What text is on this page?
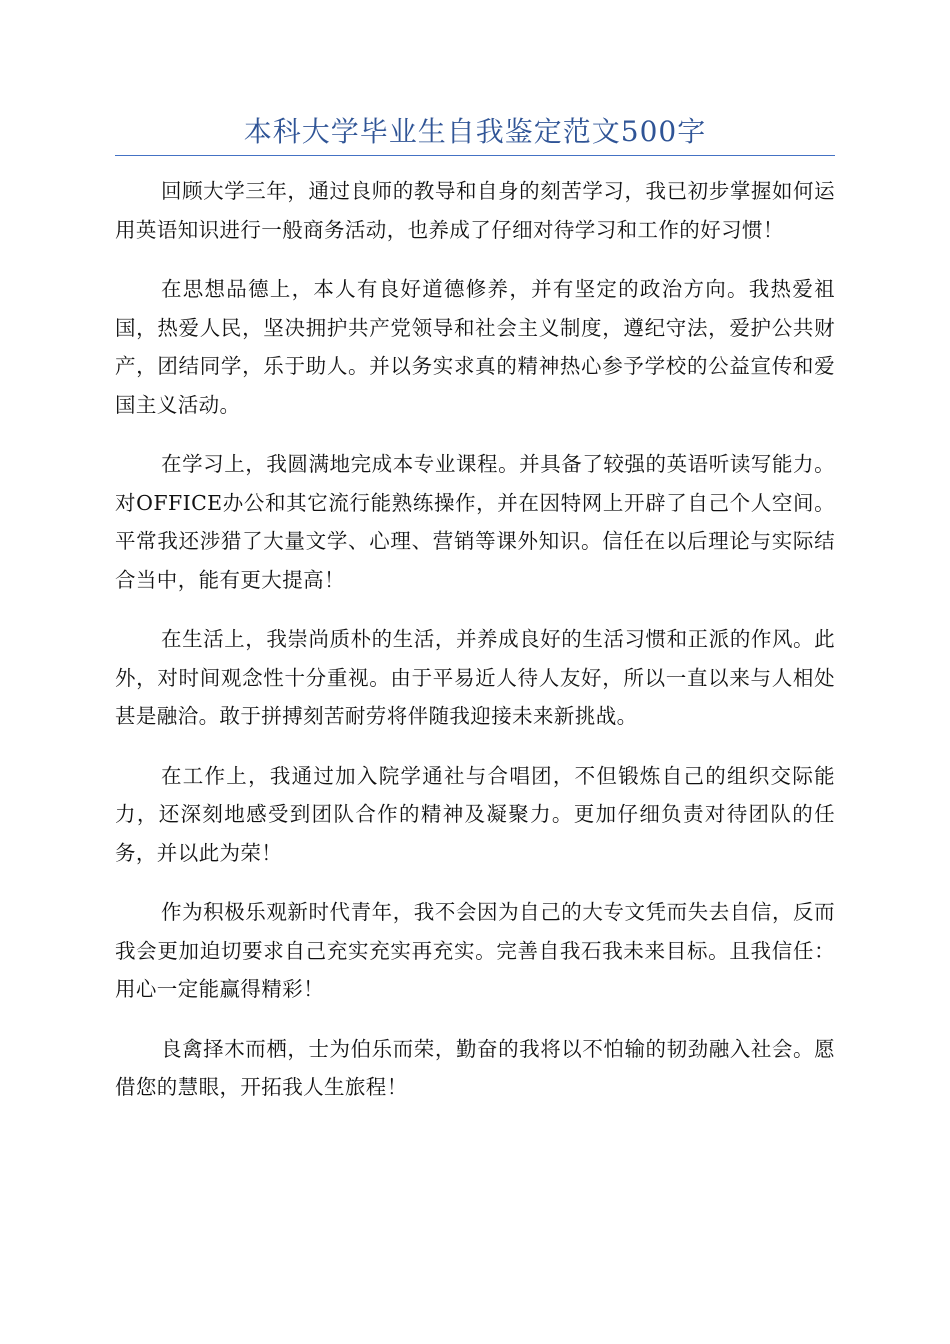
本科大学毕业生自我鉴定范文500字

回顾大学三年，通过良师的教导和自身的刻苦学习，我已初步掌握如何运用英语知识进行一般商务活动，也养成了仔细对待学习和工作的好习惯！

在思想品德上，本人有良好道德修养，并有坚定的政治方向。我热爱祖国，热爱人民，坚决拥护共产党领导和社会主义制度，遵纪守法，爱护公共财产，团结同学，乐于助人。并以务实求真的精神热心参予学校的公益宣传和爱国主义活动。

在学习上，我圆满地完成本专业课程。并具备了较强的英语听读写能力。对OFFICE办公和其它流行能熟练操作，并在因特网上开辟了自己个人空间。平常我还涉猎了大量文学、心理、营销等课外知识。信任在以后理论与实际结合当中，能有更大提高！

在生活上，我崇尚质朴的生活，并养成良好的生活习惯和正派的作风。此外，对时间观念性十分重视。由于平易近人待人友好，所以一直以来与人相处甚是融洽。敢于拼搏刻苦耐劳将伴随我迎接未来新挑战。

在工作上，我通过加入院学通社与合唱团，不但锻炼自己的组织交际能力，还深刻地感受到团队合作的精神及凝聚力。更加仔细负责对待团队的任务，并以此为荣！

作为积极乐观新时代青年，我不会因为自己的大专文凭而失去自信，反而我会更加迫切要求自己充实充实再充实。完善自我石我未来目标。且我信任：用心一定能赢得精彩！

良禽择木而栖，士为伯乐而荣，勤奋的我将以不怕输的韧劲融入社会。愿借您的慧眼，开拓我人生旅程！
